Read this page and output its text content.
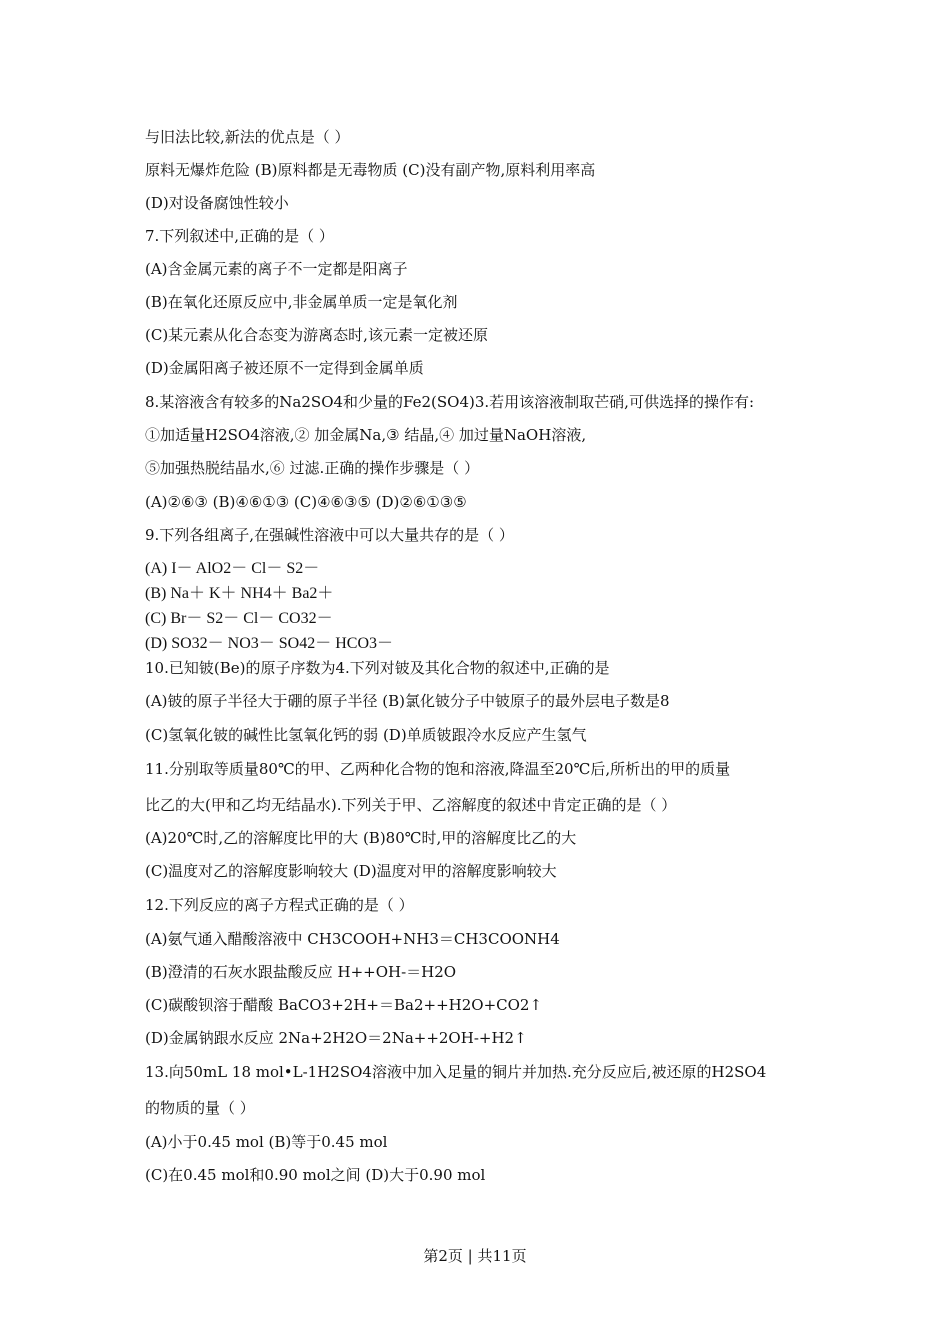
与旧法比较,新法的优点是（ ）
原料无爆炸危险 (B)原料都是无毒物质 (C)没有副产物,原料利用率高
(D)对设备腐蚀性较小
7.下列叙述中,正确的是（ ）
(A)含金属元素的离子不一定都是阳离子
(B)在氧化还原反应中,非金属单质一定是氧化剂
(C)某元素从化合态变为游离态时,该元素一定被还原
(D)金属阳离子被还原不一定得到金属单质
8.某溶液含有较多的Na2SO4和少量的Fe2(SO4)3.若用该溶液制取芒硝,可供选择的操作有:
①加适量H2SO4溶液,② 加金属Na,③ 结晶,④ 加过量NaOH溶液,
⑤加强热脱结晶水,⑥ 过滤.正确的操作步骤是（ ）
(A)②⑥③ (B)④⑥①③ (C)④⑥③⑤ (D)②⑥①③⑤
9.下列各组离子,在强碱性溶液中可以大量共存的是（ ）
(A) I－ AlO2－ Cl－ S2－
(B) Na＋ K＋ NH4＋ Ba2＋
(C) Br－ S2－ Cl－ CO32－
(D) SO32－ NO3－ SO42－ HCO3－
10.已知铍(Be)的原子序数为4.下列对铍及其化合物的叙述中,正确的是
(A)铍的原子半径大于硼的原子半径 (B)氯化铍分子中铍原子的最外层电子数是8
(C)氢氧化铍的碱性比氢氧化钙的弱 (D)单质铍跟冷水反应产生氢气
11.分别取等质量80℃的甲、乙两种化合物的饱和溶液,降温至20℃后,所析出的甲的质量
比乙的大(甲和乙均无结晶水).下列关于甲、乙溶解度的叙述中肯定正确的是（ ）
(A)20℃时,乙的溶解度比甲的大 (B)80℃时,甲的溶解度比乙的大
(C)温度对乙的溶解度影响较大 (D)温度对甲的溶解度影响较大
12.下列反应的离子方程式正确的是（ ）
(A)氨气通入醋酸溶液中 CH3COOH+NH3＝CH3COONH4
(B)澄清的石灰水跟盐酸反应 H++OH-＝H2O
(C)碳酸钡溶于醋酸 BaCO3+2H+＝Ba2++H2O+CO2↑
(D)金属钠跟水反应 2Na+2H2O＝2Na++2OH-+H2↑
13.向50mL 18 mol•L-1H2SO4溶液中加入足量的铜片并加热.充分反应后,被还原的H2SO4
的物质的量（ ）
(A)小于0.45 mol (B)等于0.45 mol
(C)在0.45 mol和0.90 mol之间 (D)大于0.90 mol
第2页 | 共11页
